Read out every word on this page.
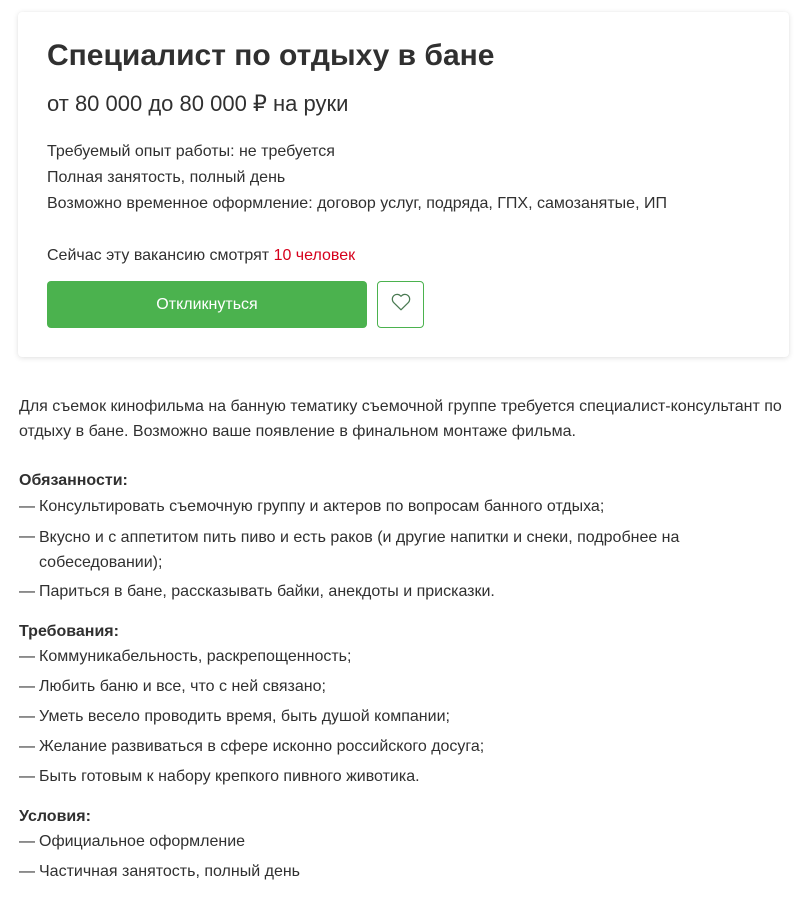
Специалист по отдыху в бане
от 80 000 до 80 000 ₽ на руки
Требуемый опыт работы: не требуется
Полная занятость, полный день
Возможно временное оформление: договор услуг, подряда, ГПХ, самозанятые, ИП
Сейчас эту вакансию смотрят 10 человек
Откликнуться

Для съемок кинофильма на банную тематику съемочной группе требуется специалист-консультант по отдыху в бане. Возможно ваше появление в финальном монтаже фильма.

Обязанности:
— Консультировать съемочную группу и актеров по вопросам банного отдыха;
— Вкусно и с аппетитом пить пиво и есть раков (и другие напитки и снеки, подробнее на собеседовании);
— Париться в бане, рассказывать байки, анекдоты и присказки.
Требования:
— Коммуникабельность, раскрепощенность;
— Любить баню и все, что с ней связано;
— Уметь весело проводить время, быть душой компании;
— Желание развиваться в сфере исконно российского досуга;
— Быть готовым к набору крепкого пивного животика.
Условия:
— Официальное оформление
— Частичная занятость, полный день
